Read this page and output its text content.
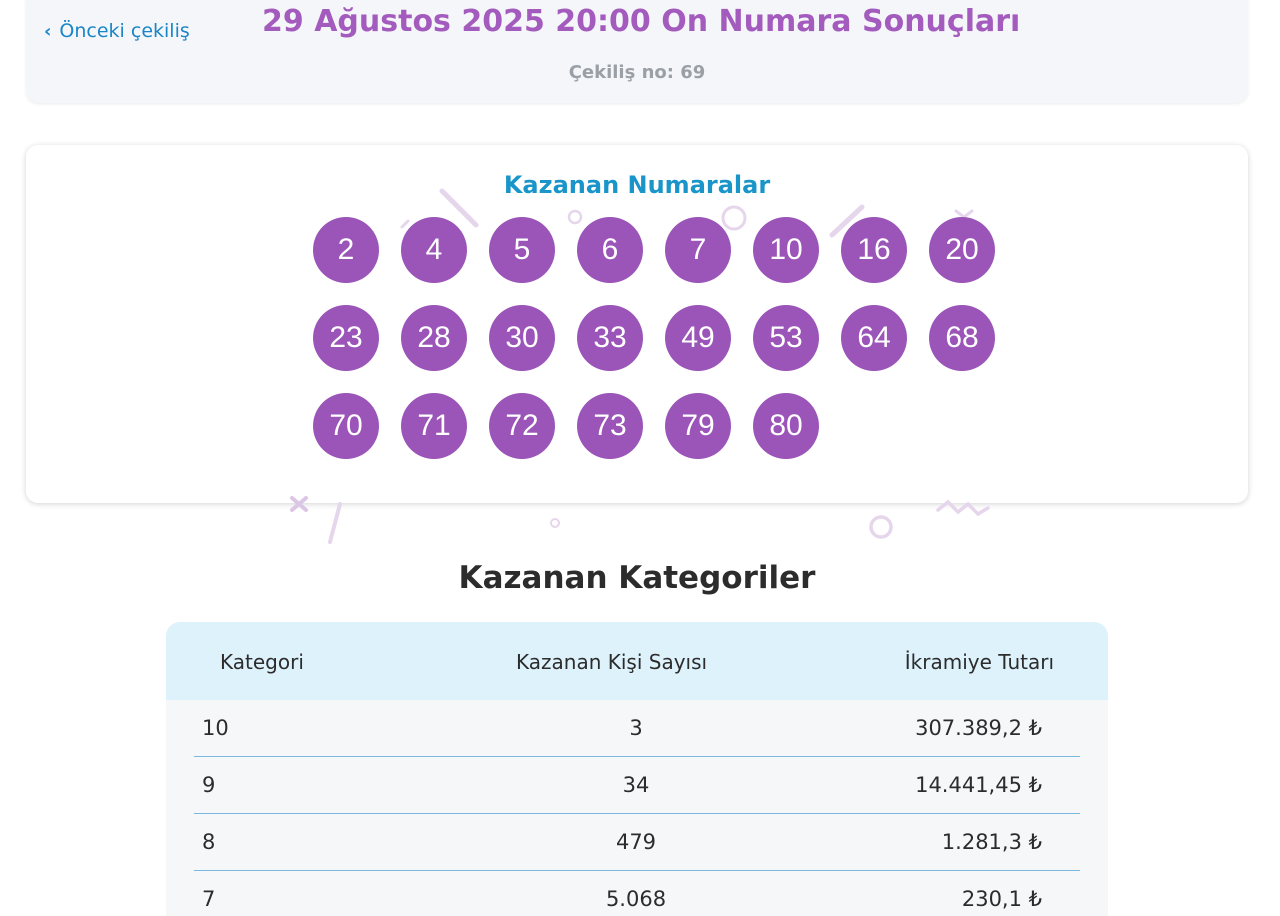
‹ Önceki çekiliş 29 Ağustos 2025 20:00 On Numara Sonuçları
Çekiliş no: 69
Kazanan Numaralar
2	4	5	6	7	10	16	20
23	28	30	33	49	53	64	68
70	71	72	73	79	80
Kazanan Kategoriler
Kategori	Kazanan Kişi Sayısı	İkramiye Tutarı
10	3	307.389,2 ₺
9	34	14.441,45 ₺
8	479	1.281,3 ₺
7	5.068	230,1 ₺
